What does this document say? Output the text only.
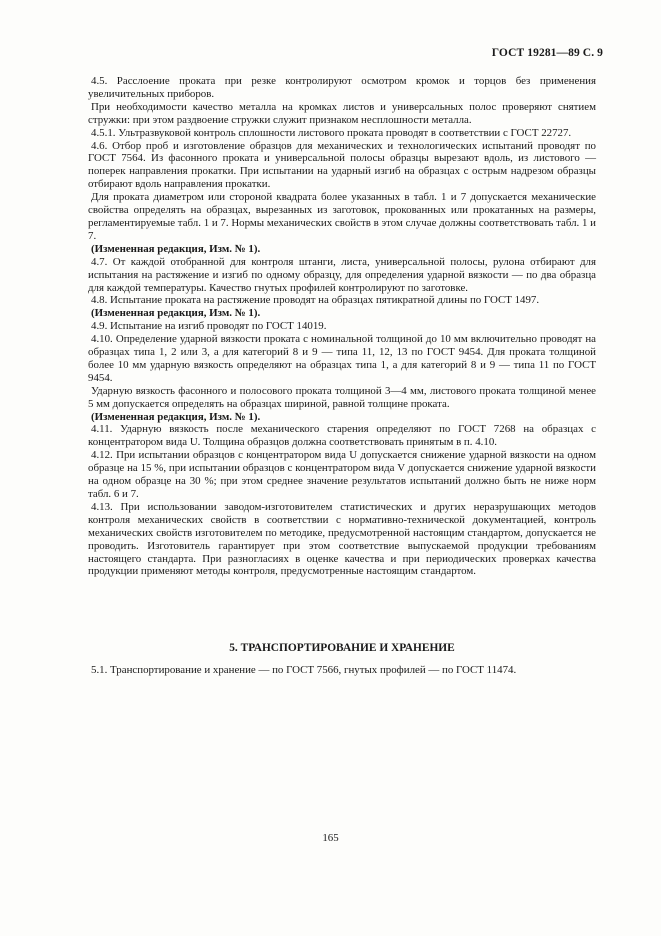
ГОСТ 19281—89 С. 9

4.5. Расслоение проката при резке контролируют осмотром кромок и торцов без применения увеличительных приборов.

При необходимости качество металла на кромках листов и универсальных полос проверяют снятием стружки: при этом раздвоение стружки служит признаком несплошности металла.

4.5.1. Ультразвуковой контроль сплошности листового проката проводят в соответствии с ГОСТ 22727.

4.6. Отбор проб и изготовление образцов для механических и технологических испытаний проводят по ГОСТ 7564. Из фасонного проката и универсальной полосы образцы вырезают вдоль, из листового — поперек направления прокатки. При испытании на ударный изгиб на образцах с острым надрезом образцы отбирают вдоль направления прокатки.

Для проката диаметром или стороной квадрата более указанных в табл. 1 и 7 допускается механические свойства определять на образцах, вырезанных из заготовок, прокованных или прокатанных на размеры, регламентируемые табл. 1 и 7. Нормы механических свойств в этом случае должны соответствовать табл. 1 и 7.

(Измененная редакция, Изм. № 1).

4.7. От каждой отобранной для контроля штанги, листа, универсальной полосы, рулона отбирают для испытания на растяжение и изгиб по одному образцу, для определения ударной вязкости — по два образца для каждой температуры. Качество гнутых профилей контролируют по заготовке.

4.8. Испытание проката на растяжение проводят на образцах пятикратной длины по ГОСТ 1497.

(Измененная редакция, Изм. № 1).

4.9. Испытание на изгиб проводят по ГОСТ 14019.

4.10. Определение ударной вязкости проката с номинальной толщиной до 10 мм включительно проводят на образцах типа 1, 2 или 3, а для категорий 8 и 9 — типа 11, 12, 13 по ГОСТ 9454. Для проката толщиной более 10 мм ударную вязкость определяют на образцах типа 1, а для категорий 8 и 9 — типа 11 по ГОСТ 9454.

Ударную вязкость фасонного и полосового проката толщиной 3—4 мм, листового проката толщиной менее 5 мм допускается определять на образцах шириной, равной толщине проката.

(Измененная редакция, Изм. № 1).

4.11. Ударную вязкость после механического старения определяют по ГОСТ 7268 на образцах с концентратором вида U. Толщина образцов должна соответствовать принятым в п. 4.10.

4.12. При испытании образцов с концентратором вида U допускается снижение ударной вязкости на одном образце на 15 %, при испытании образцов с концентратором вида V допускается снижение ударной вязкости на одном образце на 30 %; при этом среднее значение результатов испытаний должно быть не ниже норм табл. 6 и 7.

4.13. При использовании заводом-изготовителем статистических и других неразрушающих методов контроля механических свойств в соответствии с нормативно-технической документацией, контроль механических свойств изготовителем по методике, предусмотренной настоящим стандартом, допускается не проводить. Изготовитель гарантирует при этом соответствие выпускаемой продукции требованиям настоящего стандарта. При разногласиях в оценке качества и при периодических проверках качества продукции применяют методы контроля, предусмотренные настоящим стандартом.

5. ТРАНСПОРТИРОВАНИЕ И ХРАНЕНИЕ
5.1. Транспортирование и хранение — по ГОСТ 7566, гнутых профилей — по ГОСТ 11474.
165
